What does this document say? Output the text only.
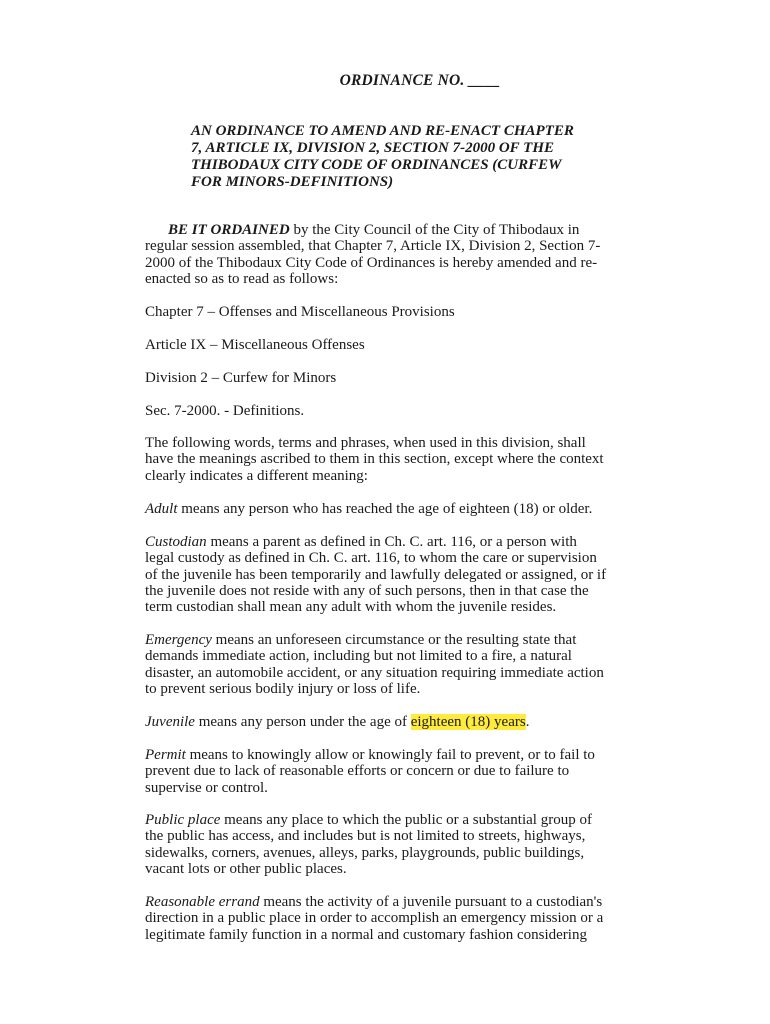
ORDINANCE NO. ____
AN ORDINANCE TO AMEND AND RE-ENACT CHAPTER
7, ARTICLE IX, DIVISION 2, SECTION 7-2000 OF THE
THIBODAUX CITY CODE OF ORDINANCES (CURFEW
FOR MINORS-DEFINITIONS)
BE IT ORDAINED by the City Council of the City of Thibodaux in
regular session assembled, that Chapter 7, Article IX, Division 2, Section 7-
2000 of the Thibodaux City Code of Ordinances is hereby amended and re-
enacted so as to read as follows:
Chapter 7 – Offenses and Miscellaneous Provisions
Article IX – Miscellaneous Offenses
Division 2 – Curfew for Minors
Sec. 7-2000. - Definitions.
The following words, terms and phrases, when used in this division, shall
have the meanings ascribed to them in this section, except where the context
clearly indicates a different meaning:
Adult means any person who has reached the age of eighteen (18) or older.
Custodian means a parent as defined in Ch. C. art. 116, or a person with
legal custody as defined in Ch. C. art. 116, to whom the care or supervision
of the juvenile has been temporarily and lawfully delegated or assigned, or if
the juvenile does not reside with any of such persons, then in that case the
term custodian shall mean any adult with whom the juvenile resides.
Emergency means an unforeseen circumstance or the resulting state that
demands immediate action, including but not limited to a fire, a natural
disaster, an automobile accident, or any situation requiring immediate action
to prevent serious bodily injury or loss of life.
Juvenile means any person under the age of eighteen (18) years.
Permit means to knowingly allow or knowingly fail to prevent, or to fail to
prevent due to lack of reasonable efforts or concern or due to failure to
supervise or control.
Public place means any place to which the public or a substantial group of
the public has access, and includes but is not limited to streets, highways,
sidewalks, corners, avenues, alleys, parks, playgrounds, public buildings,
vacant lots or other public places.
Reasonable errand means the activity of a juvenile pursuant to a custodian's
direction in a public place in order to accomplish an emergency mission or a
legitimate family function in a normal and customary fashion considering
